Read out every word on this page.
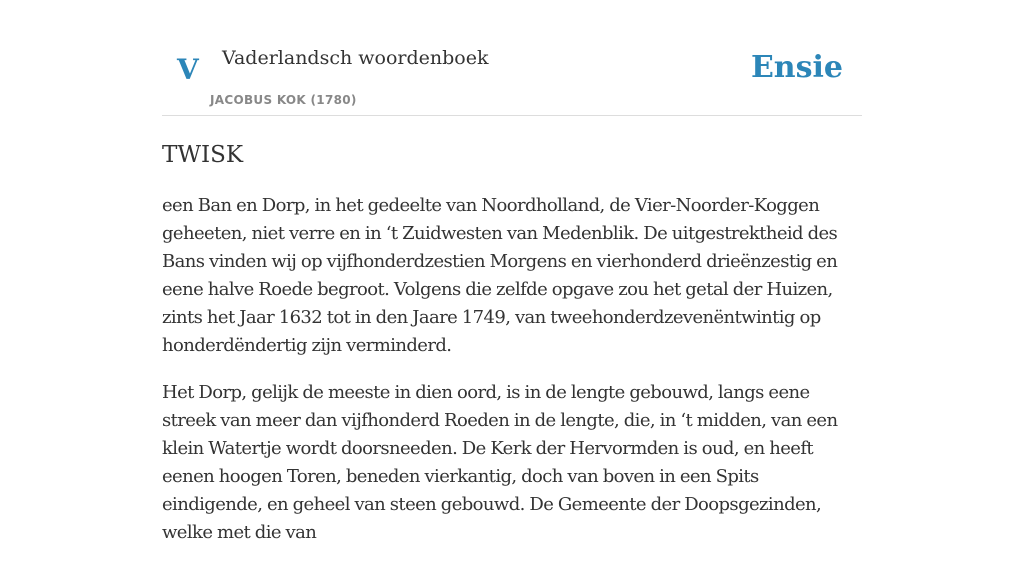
V Vaderlandsch woordenboek
JACOBUS KOK (1780)
Ensie
TWISK

een Ban en Dorp, in het gedeelte van Noordholland, de Vier-Noorder-Koggen geheeten, niet verre en in ‘t Zuidwesten van Medenblik. De uitgestrektheid des Bans vinden wij op vijfhonderdzestien Morgens en vierhonderd drieënzestig en eene halve Roede begroot. Volgens die zelfde opgave zou het getal der Huizen, zints het Jaar 1632 tot in den Jaare 1749, van tweehonderdzevenëntwintig op honderdëndertig zijn verminderd.

Het Dorp, gelijk de meeste in dien oord, is in de lengte gebouwd, langs eene streek van meer dan vijfhonderd Roeden in de lengte, die, in ‘t midden, van een klein Watertje wordt doorsneeden. De Kerk der Hervormden is oud, en heeft eenen hoogen Toren, beneden vierkantig, doch van boven in een Spits eindigende, en geheel van steen gebouwd. De Gemeente der Doopsgezinden, welke met die van
